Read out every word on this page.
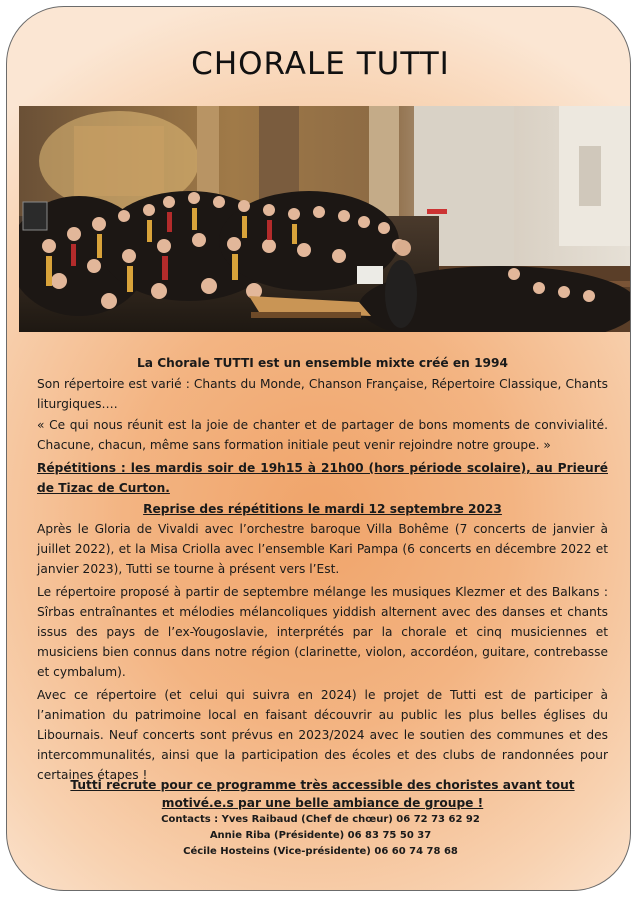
CHORALE TUTTI
La Chorale TUTTI est un ensemble mixte créé en 1994
Son répertoire est varié : Chants du Monde, Chanson Française, Répertoire Classique, Chants liturgiques….
« Ce qui nous réunit est la joie de chanter et de partager de bons moments de convivialité. Chacune, chacun, même sans formation initiale peut venir rejoindre notre groupe. »
Répétitions : les mardis soir de 19h15 à 21h00 (hors période scolaire), au Prieuré de Tizac de Curton.
Reprise des répétitions le mardi 12 septembre 2023
Après le Gloria de Vivaldi avec l’orchestre baroque Villa Bohême (7 concerts de janvier à juillet 2022), et la Misa Criolla avec l’ensemble Kari Pampa (6 concerts en décembre 2022 et janvier 2023), Tutti se tourne à présent vers l’Est.
Le répertoire proposé à partir de septembre mélange les musiques Klezmer et des Balkans : Sîrbas entraînantes et mélodies mélancoliques yiddish alternent avec des danses et chants issus des pays de l’ex-Yougoslavie, interprétés par la chorale et cinq musiciennes et musiciens bien connus dans notre région (clarinette, violon, accordéon, guitare, contrebasse et cymbalum).
Avec ce répertoire (et celui qui suivra en 2024) le projet de Tutti est de participer à l’animation du patrimoine local en faisant découvrir au public les plus belles églises du Libournais. Neuf concerts sont prévus en 2023/2024 avec le soutien des communes et des intercommunalités, ainsi que la participation des écoles et des clubs de randonnées pour certaines étapes !
Tutti recrute pour ce programme très accessible des choristes avant tout motivé.e.s par une belle ambiance de groupe !
Contacts : Yves Raibaud (Chef de chœur) 06 72 73 62 92
Annie Riba (Présidente) 06 83 75 50 37
Cécile Hosteins (Vice-présidente) 06 60 74 78 68
